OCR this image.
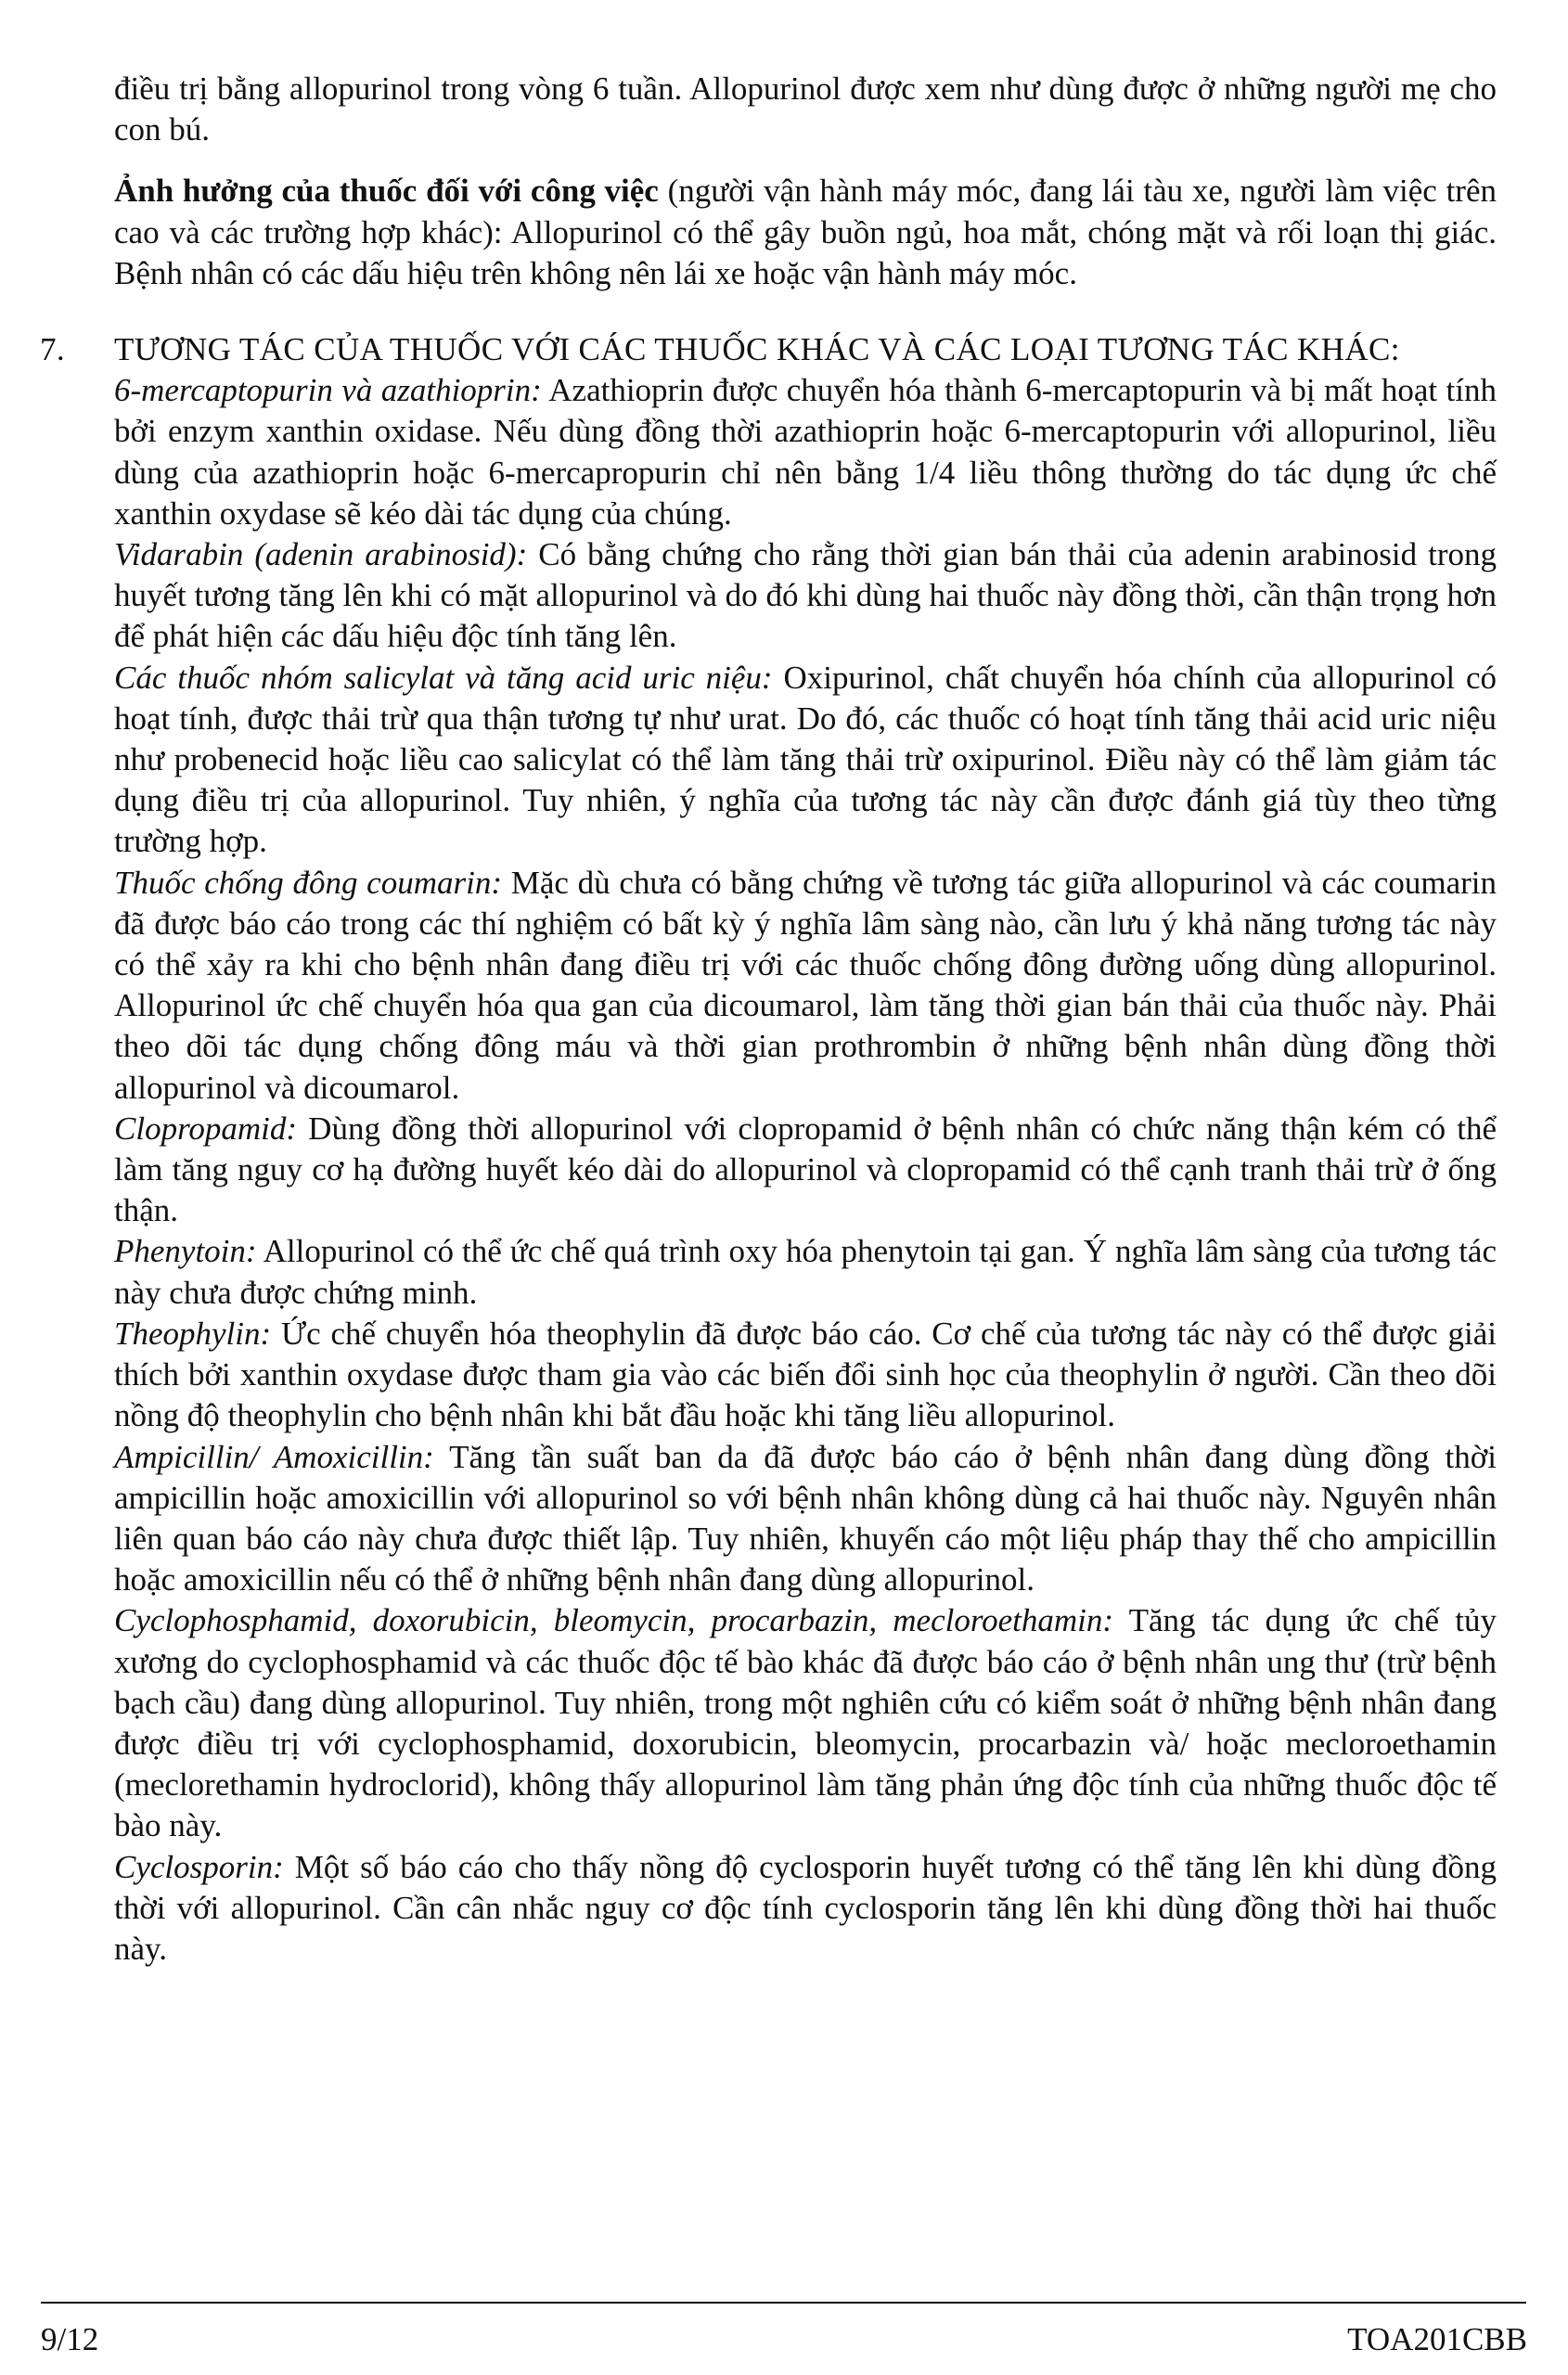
điều trị bằng allopurinol trong vòng 6 tuần. Allopurinol được xem như dùng được ở những người mẹ cho con bú.

Ảnh hưởng của thuốc đối với công việc (người vận hành máy móc, đang lái tàu xe, người làm việc trên cao và các trường hợp khác): Allopurinol có thể gây buồn ngủ, hoa mắt, chóng mặt và rối loạn thị giác. Bệnh nhân có các dấu hiệu trên không nên lái xe hoặc vận hành máy móc.

7. TƯƠNG TÁC CỦA THUỐC VỚI CÁC THUỐC KHÁC VÀ CÁC LOẠI TƯƠNG TÁC KHÁC:

6-mercaptopurin và azathioprin: Azathioprin được chuyển hóa thành 6-mercaptopurin và bị mất hoạt tính bởi enzym xanthin oxidase. Nếu dùng đồng thời azathioprin hoặc 6-mercaptopurin với allopurinol, liều dùng của azathioprin hoặc 6-mercapropurin chỉ nên bằng 1/4 liều thông thường do tác dụng ức chế xanthin oxydase sẽ kéo dài tác dụng của chúng.

Vidarabin (adenin arabinosid): Có bằng chứng cho rằng thời gian bán thải của adenin arabinosid trong huyết tương tăng lên khi có mặt allopurinol và do đó khi dùng hai thuốc này đồng thời, cần thận trọng hơn để phát hiện các dấu hiệu độc tính tăng lên.

Các thuốc nhóm salicylat và tăng acid uric niệu: Oxipurinol, chất chuyển hóa chính của allopurinol có hoạt tính, được thải trừ qua thận tương tự như urat. Do đó, các thuốc có hoạt tính tăng thải acid uric niệu như probenecid hoặc liều cao salicylat có thể làm tăng thải trừ oxipurinol. Điều này có thể làm giảm tác dụng điều trị của allopurinol. Tuy nhiên, ý nghĩa của tương tác này cần được đánh giá tùy theo từng trường hợp.

Thuốc chống đông coumarin: Mặc dù chưa có bằng chứng về tương tác giữa allopurinol và các coumarin đã được báo cáo trong các thí nghiệm có bất kỳ ý nghĩa lâm sàng nào, cần lưu ý khả năng tương tác này có thể xảy ra khi cho bệnh nhân đang điều trị với các thuốc chống đông đường uống dùng allopurinol. Allopurinol ức chế chuyển hóa qua gan của dicoumarol, làm tăng thời gian bán thải của thuốc này. Phải theo dõi tác dụng chống đông máu và thời gian prothrombin ở những bệnh nhân dùng đồng thời allopurinol và dicoumarol.

Clopropamid: Dùng đồng thời allopurinol với clopropamid ở bệnh nhân có chức năng thận kém có thể làm tăng nguy cơ hạ đường huyết kéo dài do allopurinol và clopropamid có thể cạnh tranh thải trừ ở ống thận.

Phenytoin: Allopurinol có thể ức chế quá trình oxy hóa phenytoin tại gan. Ý nghĩa lâm sàng của tương tác này chưa được chứng minh.

Theophylin: Ức chế chuyển hóa theophylin đã được báo cáo. Cơ chế của tương tác này có thể được giải thích bởi xanthin oxydase được tham gia vào các biến đổi sinh học của theophylin ở người. Cần theo dõi nồng độ theophylin cho bệnh nhân khi bắt đầu hoặc khi tăng liều allopurinol.

Ampicillin/ Amoxicillin: Tăng tần suất ban da đã được báo cáo ở bệnh nhân đang dùng đồng thời ampicillin hoặc amoxicillin với allopurinol so với bệnh nhân không dùng cả hai thuốc này. Nguyên nhân liên quan báo cáo này chưa được thiết lập. Tuy nhiên, khuyến cáo một liệu pháp thay thế cho ampicillin hoặc amoxicillin nếu có thể ở những bệnh nhân đang dùng allopurinol.

Cyclophosphamid, doxorubicin, bleomycin, procarbazin, mecloroethamin: Tăng tác dụng ức chế tủy xương do cyclophosphamid và các thuốc độc tế bào khác đã được báo cáo ở bệnh nhân ung thư (trừ bệnh bạch cầu) đang dùng allopurinol. Tuy nhiên, trong một nghiên cứu có kiểm soát ở những bệnh nhân đang được điều trị với cyclophosphamid, doxorubicin, bleomycin, procarbazin và/ hoặc mecloroethamin (meclorethamin hydroclorid), không thấy allopurinol làm tăng phản ứng độc tính của những thuốc độc tế bào này.

Cyclosporin: Một số báo cáo cho thấy nồng độ cyclosporin huyết tương có thể tăng lên khi dùng đồng thời với allopurinol. Cần cân nhắc nguy cơ độc tính cyclosporin tăng lên khi dùng đồng thời hai thuốc này.

9/12	TOA201CBB
